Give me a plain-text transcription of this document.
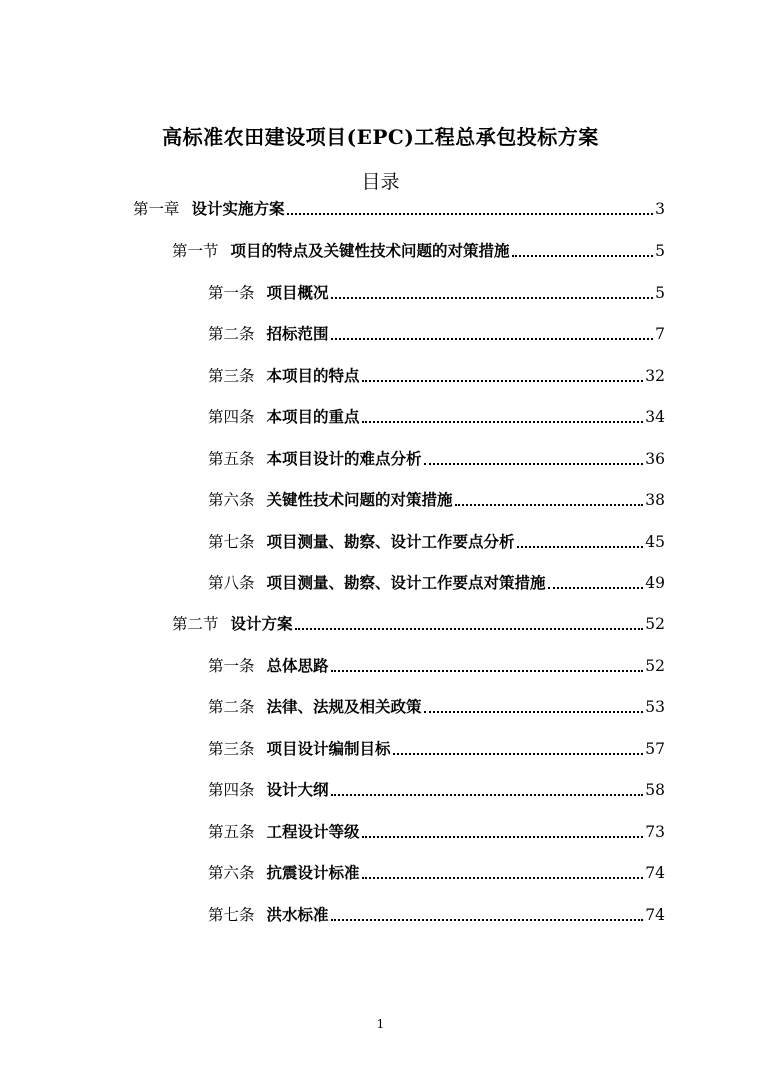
高标准农田建设项目(EPC)工程总承包投标方案
目录
第一章 设计实施方案	3
第一节 项目的特点及关键性技术问题的对策措施	5
第一条 项目概况	5
第二条 招标范围	7
第三条 本项目的特点	32
第四条 本项目的重点	34
第五条 本项目设计的难点分析	36
第六条 关键性技术问题的对策措施	38
第七条 项目测量、勘察、设计工作要点分析	45
第八条 项目测量、勘察、设计工作要点对策措施	49
第二节 设计方案	52
第一条 总体思路	52
第二条 法律、法规及相关政策	53
第三条 项目设计编制目标	57
第四条 设计大纲	58
第五条 工程设计等级	73
第六条 抗震设计标准	74
第七条 洪水标准	74
1
